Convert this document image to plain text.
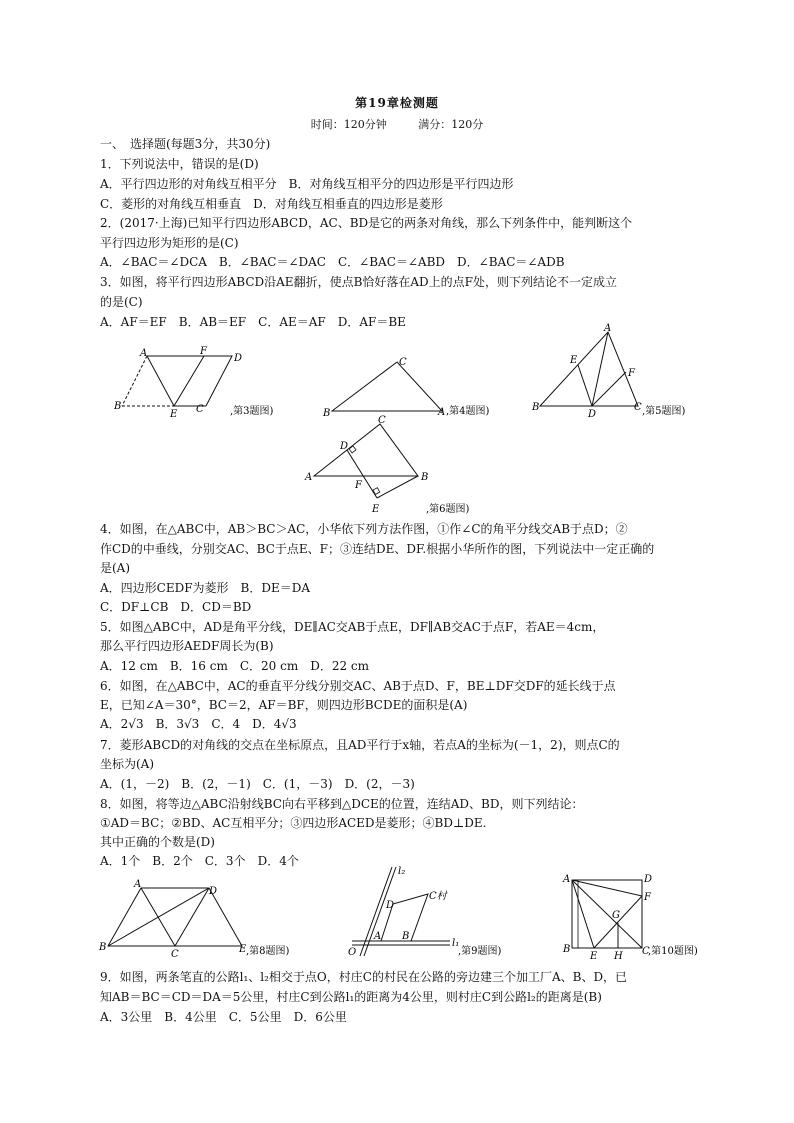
第19章检测题
时间：120分钟	满分：120分
一、　选择题(每题3分，共30分)
1．下列说法中，错误的是(D)
A．平行四边形的对角线互相平分　B．对角线互相平分的四边形是平行四边形
C．菱形的对角线互相垂直　D．对角线互相垂直的四边形是菱形
2．(2017·上海)已知平行四边形ABCD，AC、BD是它的两条对角线，那么下列条件中，能判断这个
平行四边形为矩形的是(C)
A．∠BAC＝∠DCA　B．∠BAC＝∠DAC　C．∠BAC＝∠ABD　D．∠BAC＝∠ADB
3．如图，将平行四边形ABCD沿AE翻折，使点B恰好落在AD上的点F处，则下列结论不一定成立
的是(C)
A．AF＝EF　B．AB＝EF　C．AE＝AF　D．AF＝BE
A	D
F
B
E C	,第3题图)	B
C
A ,第4题图)
A
E
F
B
D
C ,第5题图)
A
C
B
D
F
E	,第6题图)
4．如图，在△ABC中，AB＞BC＞AC，小华依下列方法作图，①作∠C的角平分线交AB于点D；②
作CD的中垂线，分别交AC、BC于点E、F；③连结DE、DF.根据小华所作的图，下列说法中一定正确的
是(A)
A．四边形CEDF为菱形　B．DE＝DA
C．DF⊥CB　D．CD＝BD
5．如图△ABC中，AD是角平分线，DE∥AC交AB于点E，DF∥AB交AC于点F，若AE＝4cm，
那么平行四边形AEDF周长为(B)
A．12 cm　B．16 cm　C．20 cm　D．22 cm
6．如图，在△ABC中，AC的垂直平分线分别交AC、AB于点D、F，BE⊥DF交DF的延长线于点
E，已知∠A＝30°，BC＝2，AF＝BF，则四边形BCDE的面积是(A)
A．2√3　B．3√3　C．4　D．4√3
7．菱形ABCD的对角线的交点在坐标原点，且AD平行于x轴，若点A的坐标为(－1，2)，则点C的
坐标为(A)
A．(1，－2)　B．(2，－1)　C．(1，－3)　D．(2，－3)
8．如图，将等边△ABC沿射线BC向右平移到△DCE的位置，连结AD、BD，则下列结论：
①AD＝BC；②BD、AC互相平分；③四边形ACED是菱形；④BD⊥DE.
其中正确的个数是(D)
A．1个　B．2个　C．3个　D．4个
A
D
B
C	E ,第8题图)	O
A B
D
C村
l₂
l₁
,第9题图)
A	D
F
G
B
E H C
,第10题图)
9．如图，两条笔直的公路l₁、l₂相交于点O，村庄C的村民在公路的旁边建三个加工厂A、B、D，已
知AB＝BC＝CD＝DA＝5公里，村庄C到公路l₁的距离为4公里，则村庄C到公路l₂的距离是(B)
A．3公里　B．4公里　C．5公里　D．6公里
